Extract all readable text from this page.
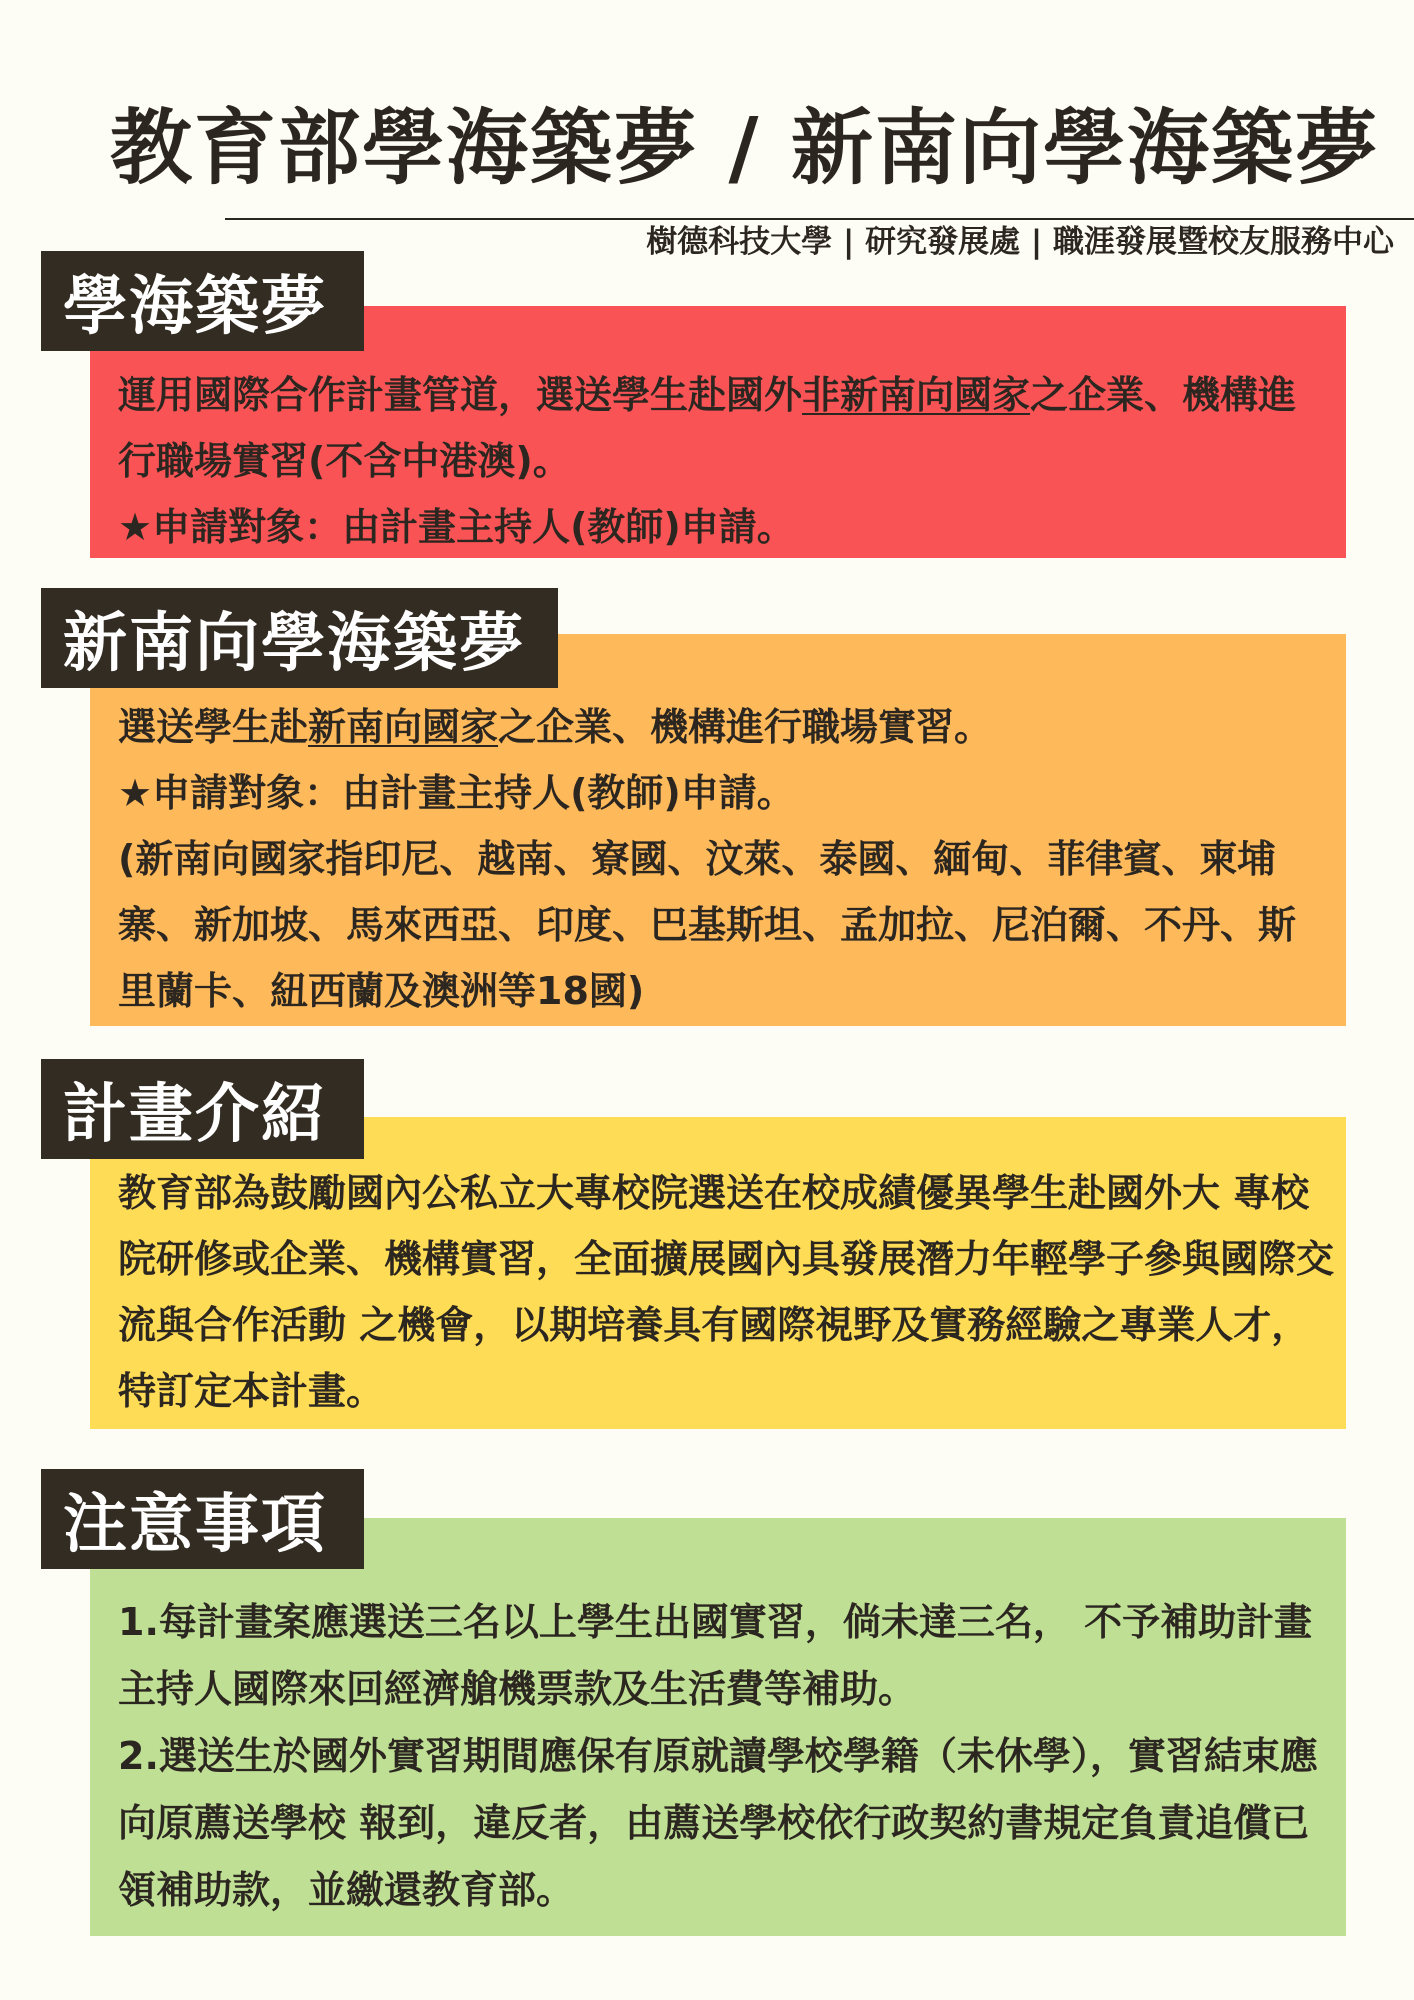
教育部學海築夢 / 新南向學海築夢
樹德科技大學 | 研究發展處 | 職涯發展暨校友服務中心
學海築夢

運用國際合作計畫管道，選送學生赴國外非新南向國家之企業、機構進行職場實習(不含中港澳)。

★申請對象：由計畫主持人(教師)申請。

新南向學海築夢

選送學生赴新南向國家之企業、機構進行職場實習。

★申請對象：由計畫主持人(教師)申請。

(新南向國家指印尼、越南、寮國、汶萊、泰國、緬甸、菲律賓、柬埔寨、新加坡、馬來西亞、印度、巴基斯坦、孟加拉、尼泊爾、不丹、斯里蘭卡、紐西蘭及澳洲等18國)

計畫介紹

教育部為鼓勵國內公私立大專校院選送在校成績優異學生赴國外大 專校院研修或企業、機構實習，全面擴展國內具發展潛力年輕學子參與國際交流與合作活動 之機會，以期培養具有國際視野及實務經驗之專業人才，特訂定本計畫。

注意事項

1.每計畫案應選送三名以上學生出國實習，倘未達三名， 不予補助計畫主持人國際來回經濟艙機票款及生活費等補助。

2.選送生於國外實習期間應保有原就讀學校學籍（未休學），實習結束應向原薦送學校 報到，違反者，由薦送學校依行政契約書規定負責追償已領補助款，並繳還教育部。
